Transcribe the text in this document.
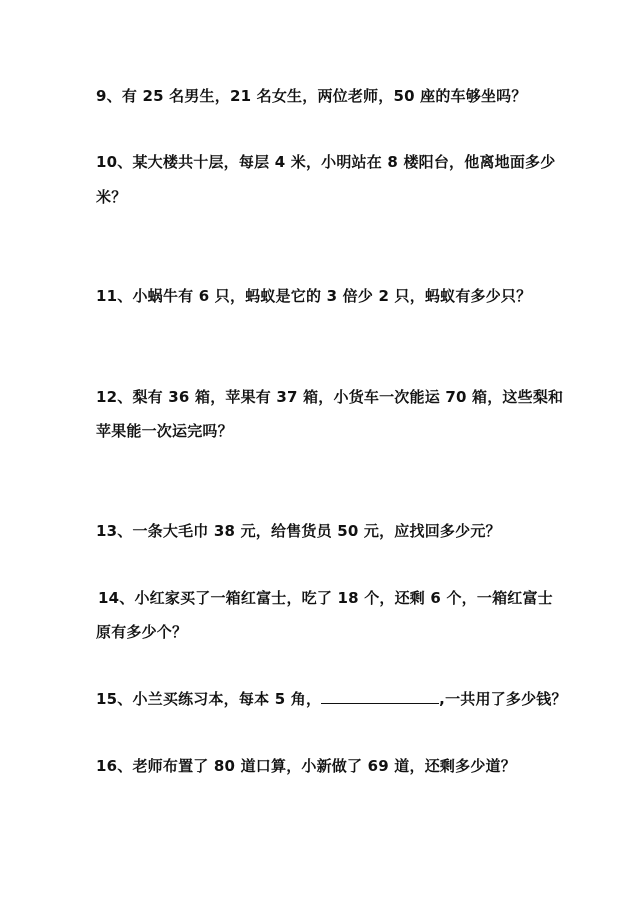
9、有 25 名男生，21 名女生，两位老师，50 座的车够坐吗？
10、某大楼共十层，每层 4 米，小明站在 8 楼阳台，他离地面多少
米？
11、小蜗牛有 6 只，蚂蚁是它的 3 倍少 2 只，蚂蚁有多少只？
12、梨有 36 箱，苹果有 37 箱，小货车一次能运 70 箱，这些梨和
苹果能一次运完吗？
13、一条大毛巾 38 元，给售货员 50 元，应找回多少元？
14、小红家买了一箱红富士，吃了 18 个，还剩 6 个，一箱红富士
原有多少个？
15、小兰买练习本，每本 5 角，	,一共用了多少钱？
16、老师布置了 80 道口算，小新做了 69 道，还剩多少道？
